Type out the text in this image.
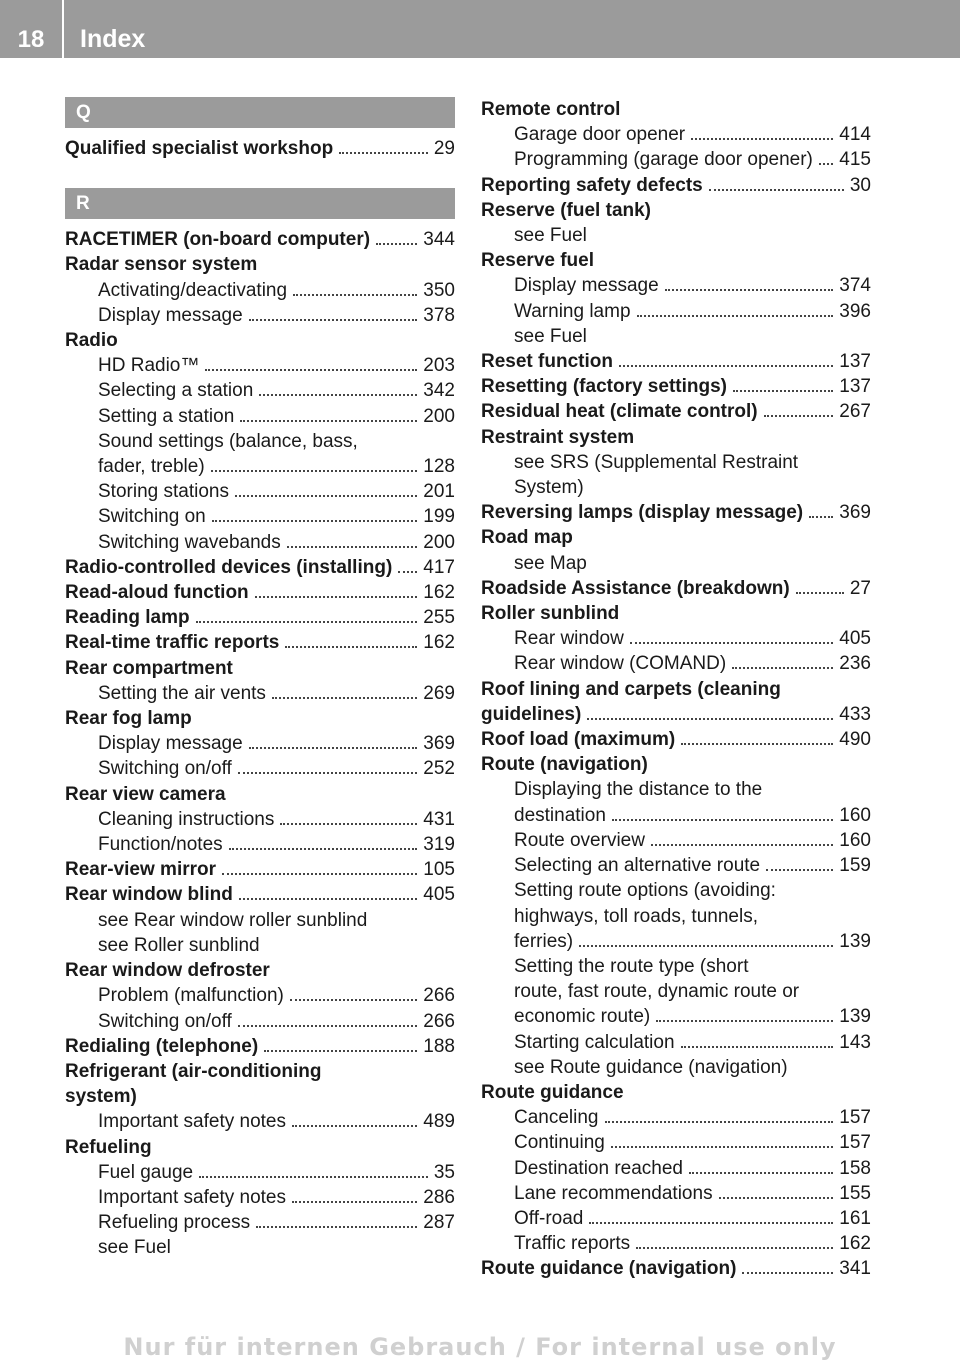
18	Index
Q
Qualified specialist workshop	29
R
RACETIMER (on-board computer)	344
Radar sensor system
Activating/deactivating	350
Display message	378
Radio
HD Radio™	203
Selecting a station	342
Setting a station	200
Sound settings (balance, bass,
fader, treble)	128
Storing stations	201
Switching on	199
Switching wavebands	200
Radio-controlled devices (installing) 417
Read-aloud function	162
Reading lamp	255
Real-time traffic reports	162
Rear compartment
Setting the air vents	269
Rear fog lamp
Display message	369
Switching on/off	252
Rear view camera
Cleaning instructions	431
Function/notes	319
Rear-view mirror	105
Rear window blind	405
see Rear window roller sunblind
see Roller sunblind
Rear window defroster
Problem (malfunction)	266
Switching on/off	266
Redialing (telephone)	188
Refrigerant (air-conditioning
system)
Important safety notes	489
Refueling
Fuel gauge	35
Important safety notes	286
Refueling process	287
see Fuel
Remote control
Garage door opener	414
Programming (garage door opener) 415
Reporting safety defects	30
Reserve (fuel tank)
see Fuel
Reserve fuel
Display message	374
Warning lamp	396
see Fuel
Reset function	137
Resetting (factory settings)	137
Residual heat (climate control)	267
Restraint system
see SRS (Supplemental Restraint
System)
Reversing lamps (display message) 369
Road map
see Map
Roadside Assistance (breakdown)	27
Roller sunblind
Rear window	405
Rear window (COMAND)	236
Roof lining and carpets (cleaning
guidelines)	433
Roof load (maximum)	490
Route (navigation)
Displaying the distance to the
destination	160
Route overview	160
Selecting an alternative route	159
Setting route options (avoiding:
highways, toll roads, tunnels,
ferries)	139
Setting the route type (short
route, fast route, dynamic route or
economic route)	139
Starting calculation	143
see Route guidance (navigation)
Route guidance
Canceling	157
Continuing	157
Destination reached	158
Lane recommendations	155
Off-road	161
Traffic reports	162
Route guidance (navigation)	341
Nur für internen Gebrauch / For internal use only
